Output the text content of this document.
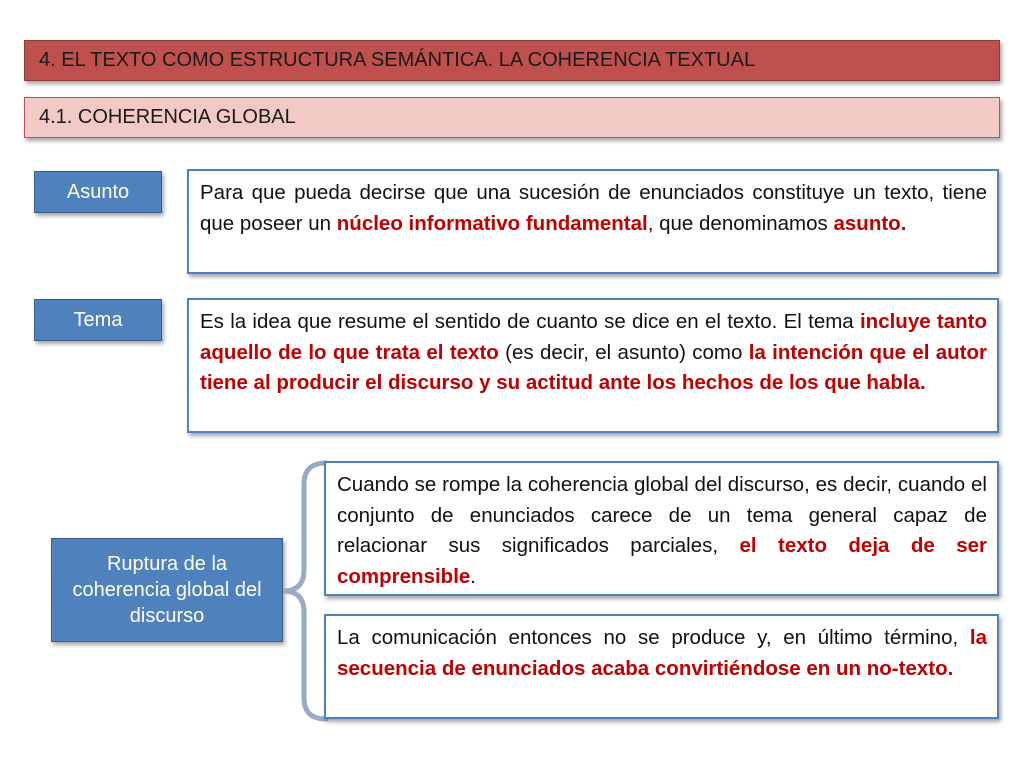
4. EL TEXTO COMO ESTRUCTURA SEMÁNTICA. LA COHERENCIA TEXTUAL
4.1. COHERENCIA GLOBAL
Asunto	Para que pueda decirse que una sucesión de enunciados constituye un texto, tiene que poseer un núcleo informativo fundamental, que denominamos asunto.
Tema	Es la idea que resume el sentido de cuanto se dice en el texto. El tema incluye tanto aquello de lo que trata el texto (es decir, el asunto) como la intención que el autor tiene al producir el discurso y su actitud ante los hechos de los que habla.
Ruptura de la coherencia global del discurso
Cuando se rompe la coherencia global del discurso, es decir, cuando el conjunto de enunciados carece de un tema general capaz de relacionar sus significados parciales, el texto deja de ser comprensible.
La comunicación entonces no se produce y, en último término, la secuencia de enunciados acaba convirtiéndose en un no-texto.
